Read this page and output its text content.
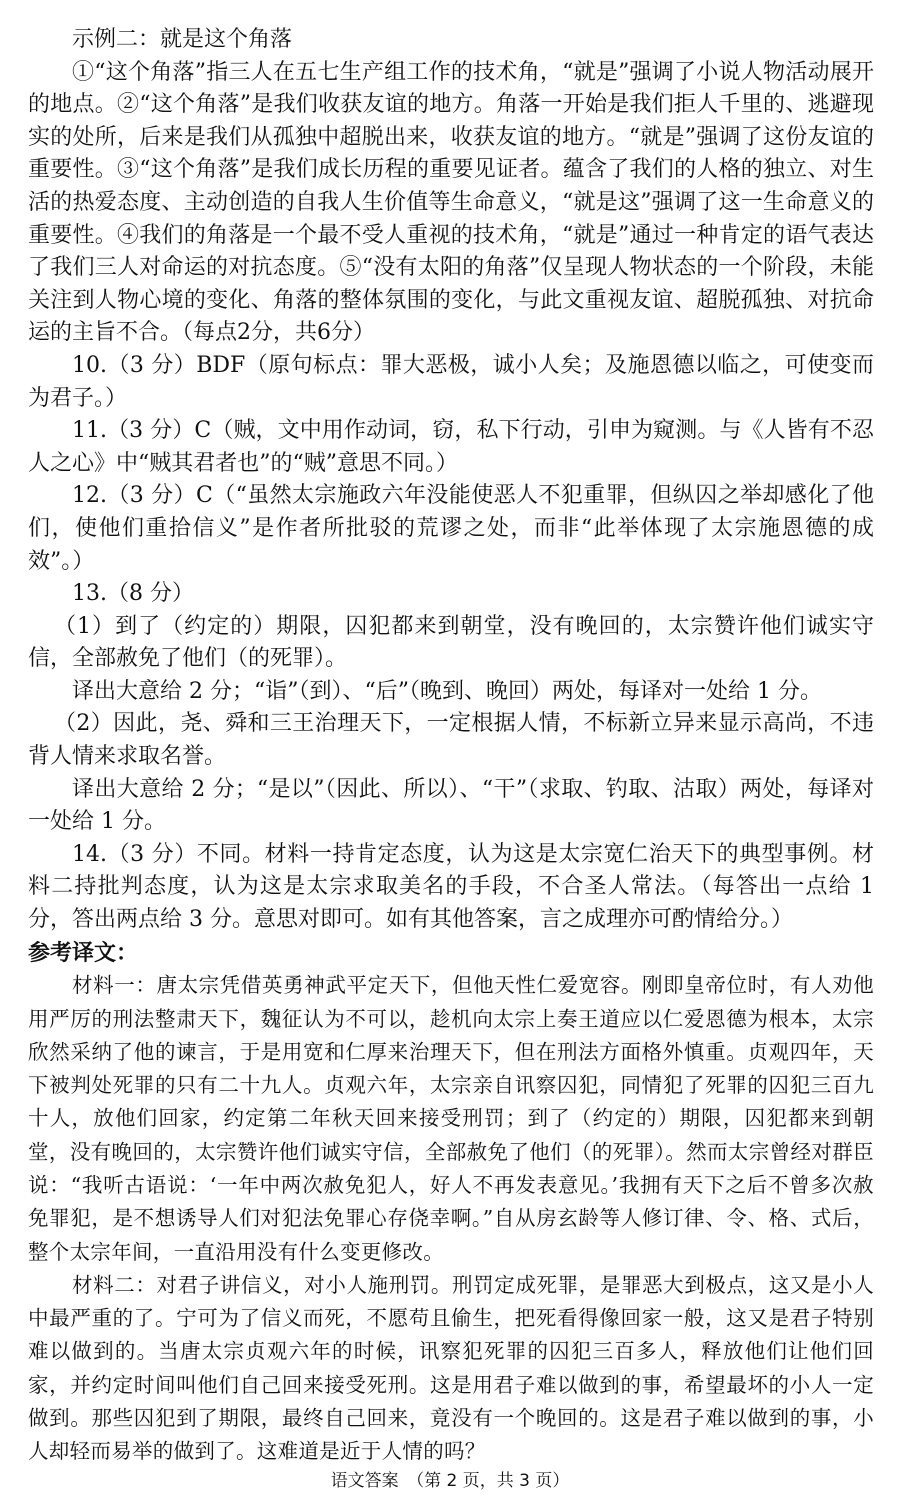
示例二：就是这个角落

①“这个角落”指三人在五七生产组工作的技术角，“就是”强调了小说人物活动展开的地点。②“这个角落”是我们收获友谊的地方。角落一开始是我们拒人千里的、逃避现实的处所，后来是我们从孤独中超脱出来，收获友谊的地方。“就是”强调了这份友谊的重要性。③“这个角落”是我们成长历程的重要见证者。蕴含了我们的人格的独立、对生活的热爱态度、主动创造的自我人生价值等生命意义，“就是这”强调了这一生命意义的重要性。④我们的角落是一个最不受人重视的技术角，“就是”通过一种肯定的语气表达了我们三人对命运的对抗态度。⑤“没有太阳的角落”仅呈现人物状态的一个阶段，未能关注到人物心境的变化、角落的整体氛围的变化，与此文重视友谊、超脱孤独、对抗命运的主旨不合。（每点2分，共6分）

10.（3 分）BDF（原句标点：罪大恶极，诚小人矣；及施恩德以临之，可使变而为君子。）

11.（3 分）C（贼，文中用作动词，窃，私下行动，引申为窥测。与《人皆有不忍人之心》中“贼其君者也”的“贼”意思不同。）

12.（3 分）C（“虽然太宗施政六年没能使恶人不犯重罪，但纵囚之举却感化了他们，使他们重拾信义”是作者所批驳的荒谬之处，而非“此举体现了太宗施恩德的成效”。）

13.（8 分）

（1）到了（约定的）期限，囚犯都来到朝堂，没有晚回的，太宗赞许他们诚实守信，全部赦免了他们（的死罪）。

译出大意给 2 分；“诣”（到）、“后”（晚到、晚回）两处，每译对一处给 1 分。

（2）因此，尧、舜和三王治理天下，一定根据人情，不标新立异来显示高尚，不违背人情来求取名誉。

译出大意给 2 分；“是以”（因此、所以）、“干”（求取、钓取、沽取）两处，每译对一处给 1 分。

14.（3 分）不同。材料一持肯定态度，认为这是太宗宽仁治天下的典型事例。材料二持批判态度，认为这是太宗求取美名的手段，不合圣人常法。（每答出一点给 1 分，答出两点给 3 分。意思对即可。如有其他答案，言之成理亦可酌情给分。）

参考译文：

材料一：唐太宗凭借英勇神武平定天下，但他天性仁爱宽容。刚即皇帝位时，有人劝他用严厉的刑法整肃天下，魏征认为不可以，趁机向太宗上奏王道应以仁爱恩德为根本，太宗欣然采纳了他的谏言，于是用宽和仁厚来治理天下，但在刑法方面格外慎重。贞观四年，天下被判处死罪的只有二十九人。贞观六年，太宗亲自讯察囚犯，同情犯了死罪的囚犯三百九十人，放他们回家，约定第二年秋天回来接受刑罚；到了（约定的）期限，囚犯都来到朝堂，没有晚回的，太宗赞许他们诚实守信，全部赦免了他们（的死罪）。然而太宗曾经对群臣说：“我听古语说：‘一年中两次赦免犯人，好人不再发表意见。’我拥有天下之后不曾多次赦免罪犯，是不想诱导人们对犯法免罪心存侥幸啊。”自从房玄龄等人修订律、令、格、式后，整个太宗年间，一直沿用没有什么变更修改。

材料二：对君子讲信义，对小人施刑罚。刑罚定成死罪，是罪恶大到极点，这又是小人中最严重的了。宁可为了信义而死，不愿苟且偷生，把死看得像回家一般，这又是君子特别难以做到的。当唐太宗贞观六年的时候，讯察犯死罪的囚犯三百多人，释放他们让他们回家，并约定时间叫他们自己回来接受死刑。这是用君子难以做到的事，希望最坏的小人一定做到。那些囚犯到了期限，最终自己回来，竟没有一个晚回的。这是君子难以做到的事，小人却轻而易举的做到了。这难道是近于人情的吗？

语文答案　（第 2 页，共 3 页）
